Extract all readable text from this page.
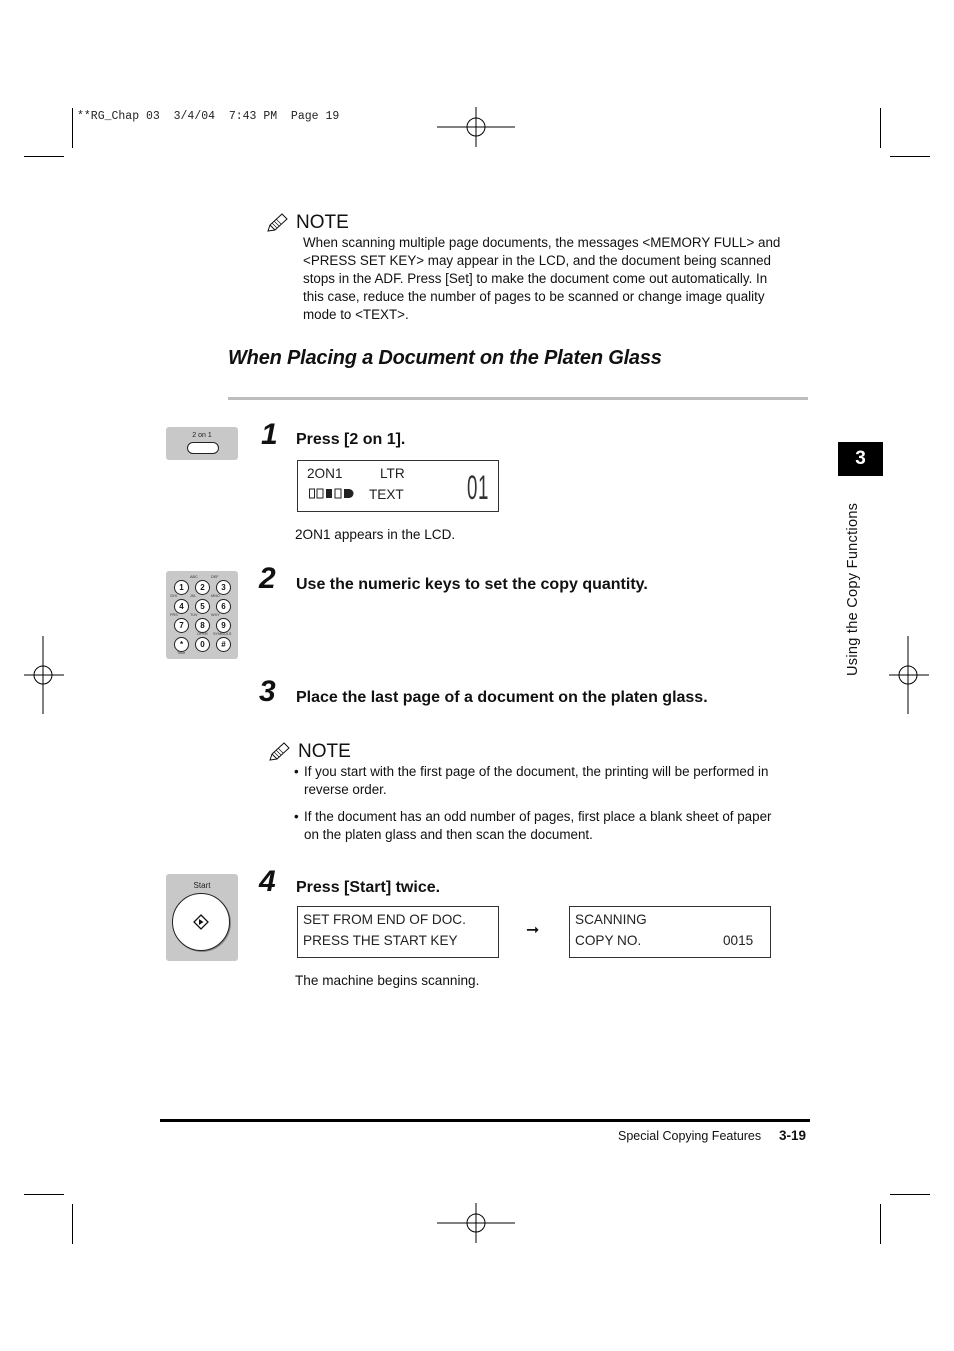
**RG_Chap 03  3/4/04  7:43 PM  Page 19
NOTE
When scanning multiple page documents, the messages <MEMORY FULL> and
<PRESS SET KEY> may appear in the LCD, and the document being scanned
stops in the ADF. Press [Set] to make the document come out automatically. In
this case, reduce the number of pages to be scanned or change image quality
mode to <TEXT>.
When Placing a Document on the Platen Glass
2 on 1	1 Press [2 on 1].
2ON1	LTR
TEXT 01
2ON1 appears in the LCD.
1	2	3
4	5	6
7	8	9
*	0	#
ABC	DEF
GHI	JKL	MNO
PRS	TUV	WXY
OPER SYMBOLS
Tone
2 Use the numeric keys to set the copy quantity.
3 Place the last page of a document on the platen glass.
NOTE
• If you start with the first page of the document, the printing will be performed in
reverse order.
• If the document has an odd number of pages, first place a blank sheet of paper
on the platen glass and then scan the document.
Start	4 Press [Start] twice.
SET FROM END OF DOC.
PRESS THE START KEY
➞
SCANNING
COPY NO.	0015
The machine begins scanning.
3
Using the Copy Functions
Special Copying Features 3-19
